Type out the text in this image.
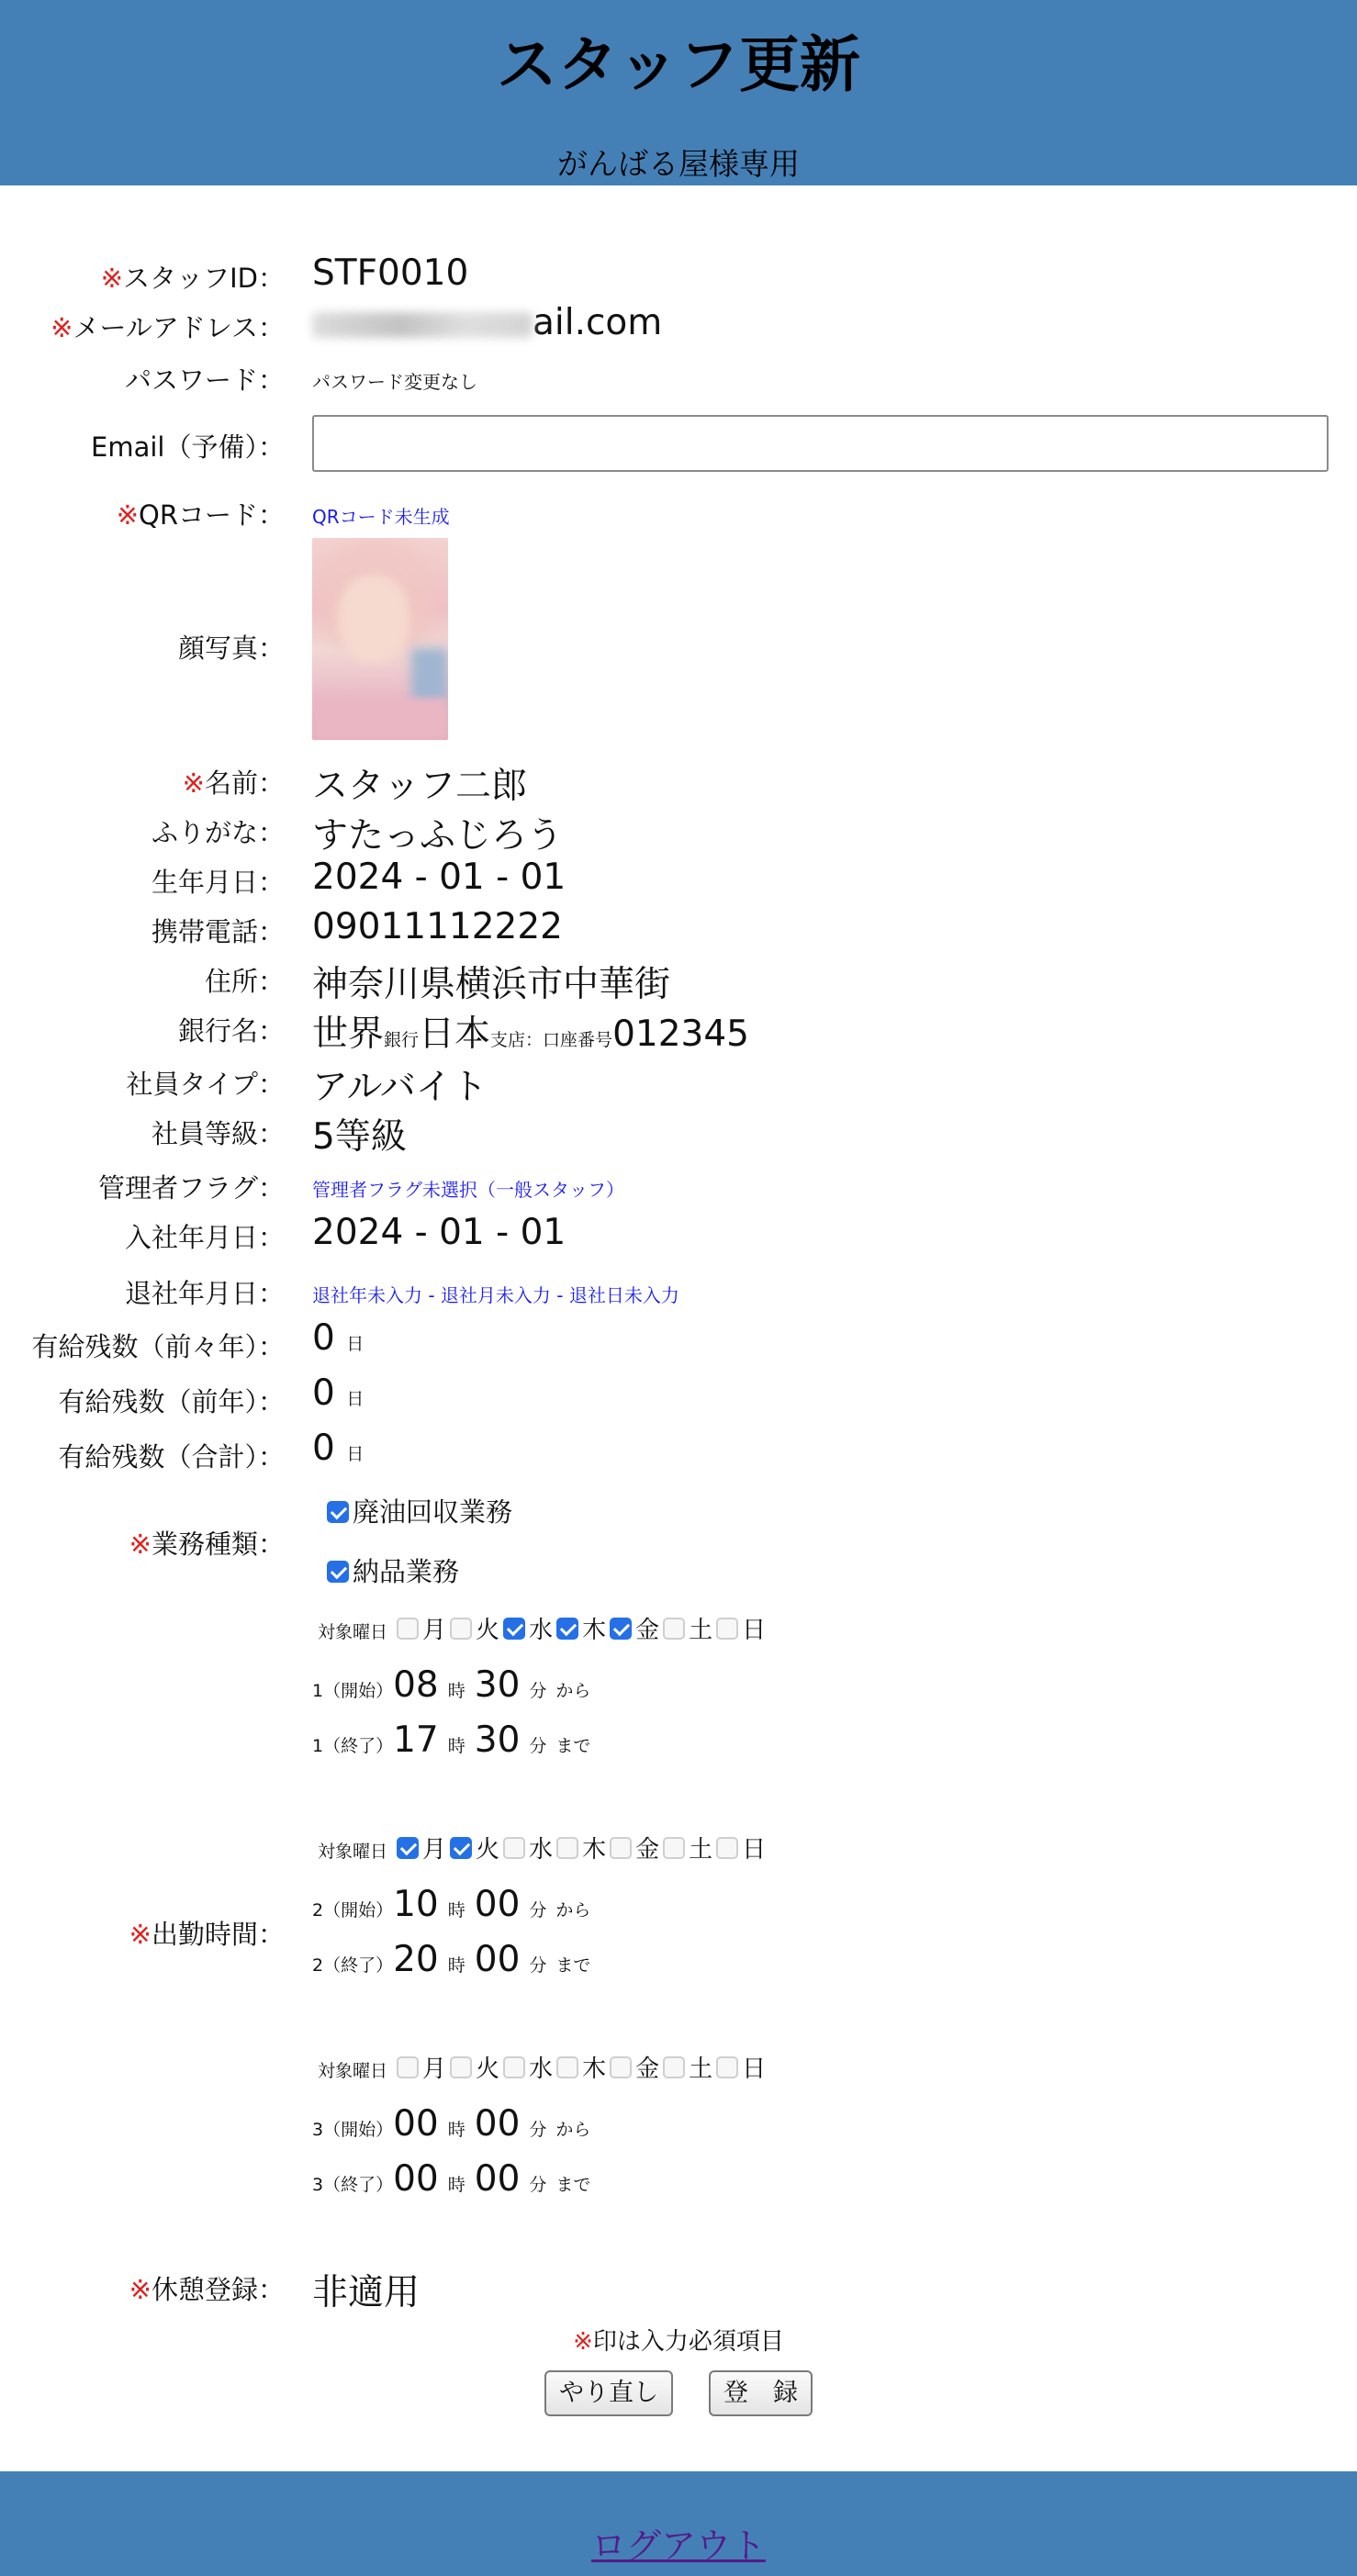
スタッフ更新
がんばる屋様専用
※スタッフID： STF0010
※メールアドレス：	ail.com
パスワード： パスワード変更なし
Email（予備）：
※QRコード： QRコード未生成
顔写真：
※名前： スタッフ二郎
ふりがな： すたっふじろう
生年月日： 2024 - 01 - 01
携帯電話： 09011112222
住所： 神奈川県横浜市中華街
銀行名： 世界銀行日本支店：口座番号012345
社員タイプ： アルバイト
社員等級： 5等級
管理者フラグ： 管理者フラグ未選択（一般スタッフ）
入社年月日： 2024 - 01 - 01
退社年月日： 退社年未入力 - 退社月未入力 - 退社日未入力
有給残数（前々年）： 0 日
有給残数（前年）： 0 日
有給残数（合計）： 0 日
※業務種類：
廃油回収業務
納品業務
※出勤時間：
対象曜日 月 火 水 木 金 土 日
1（開始）08 時 30 分 から
1（終了）17 時 30 分 まで
対象曜日 月 火 水 木 金 土 日
2（開始）10 時 00 分 から
2（終了）20 時 00 分 まで
対象曜日 月 火 水 木 金 土 日
3（開始）00 時 00 分 から
3（終了）00 時 00 分 まで
※休憩登録： 非適用
※印は入力必須項目
やり直し	登　録
ログアウト
